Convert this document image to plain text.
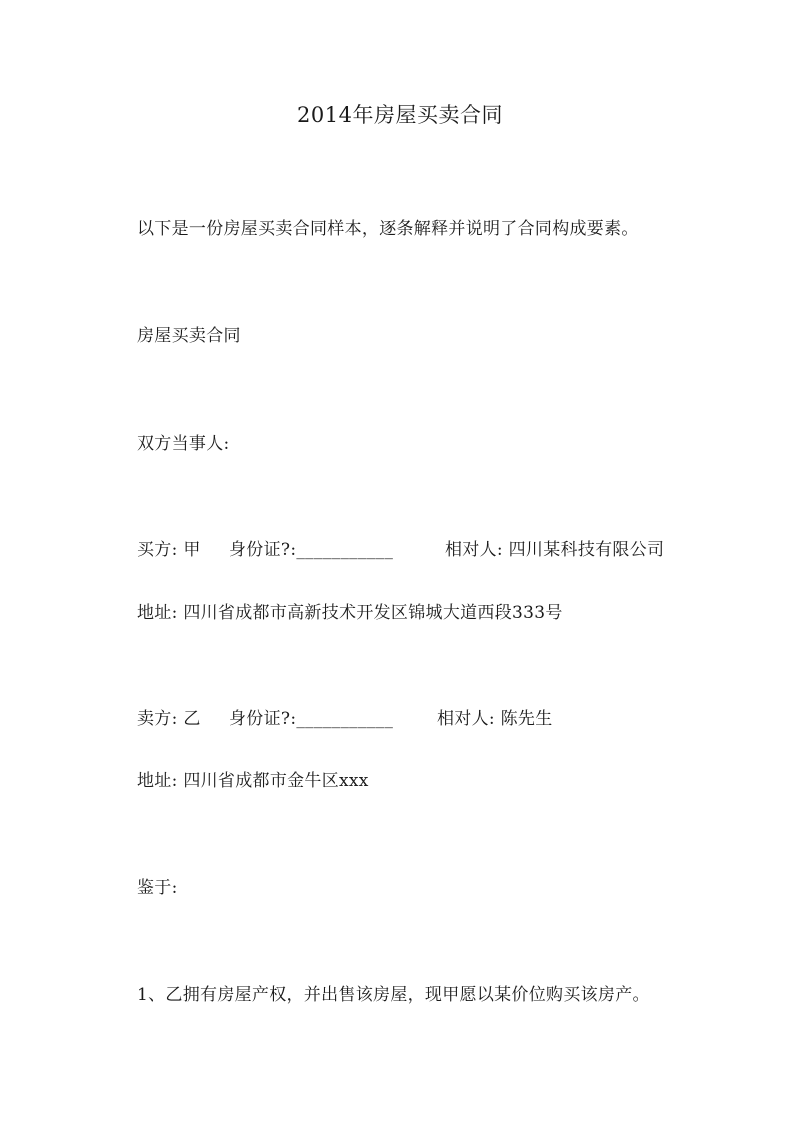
2014年房屋买卖合同
以下是一份房屋买卖合同样本，逐条解释并说明了合同构成要素。
房屋买卖合同
双方当事人:
买方: 甲 身份证?:___________	相对人: 四川某科技有限公司
地址: 四川省成都市高新技术开发区锦城大道西段333号
卖方: 乙 身份证?:___________	相对人: 陈先生
地址: 四川省成都市金牛区xxx
鉴于:
1、乙拥有房屋产权，并出售该房屋，现甲愿以某价位购买该房产。
